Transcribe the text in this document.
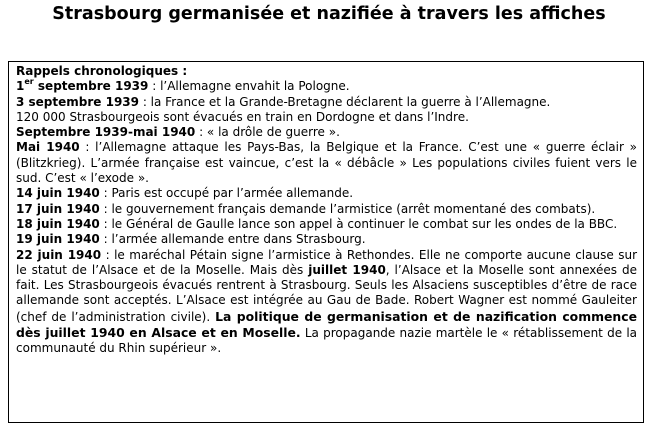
Strasbourg germanisée et nazifiée à travers les affiches

Rappels chronologiques :

1er septembre 1939 : l’Allemagne envahit la Pologne.

3 septembre 1939 : la France et la Grande-Bretagne déclarent la guerre à l’Allemagne.

120 000 Strasbourgeois sont évacués en train en Dordogne et dans l’Indre.

Septembre 1939-mai 1940 : « la drôle de guerre ».

Mai 1940 : l’Allemagne attaque les Pays-Bas, la Belgique et la France. C’est une « guerre éclair » (Blitzkrieg). L’armée française est vaincue, c’est la « débâcle » Les populations civiles fuient vers le sud. C’est « l’exode ».

14 juin 1940 : Paris est occupé par l’armée allemande.

17 juin 1940 : le gouvernement français demande l’armistice (arrêt momentané des combats).

18 juin 1940 : le Général de Gaulle lance son appel à continuer le combat sur les ondes de la BBC.

19 juin 1940 : l’armée allemande entre dans Strasbourg.

22 juin 1940 : le maréchal Pétain signe l’armistice à Rethondes. Elle ne comporte aucune clause sur le statut de l’Alsace et de la Moselle. Mais dès juillet 1940, l’Alsace et la Moselle sont annexées de fait. Les Strasbourgeois évacués rentrent à Strasbourg. Seuls les Alsaciens susceptibles d’être de race allemande sont acceptés. L’Alsace est intégrée au Gau de Bade. Robert Wagner est nommé Gauleiter (chef de l’administration civile). La politique de germanisation et de nazification commence dès juillet 1940 en Alsace et en Moselle. La propagande nazie martèle le « rétablissement de la communauté du Rhin supérieur ».
